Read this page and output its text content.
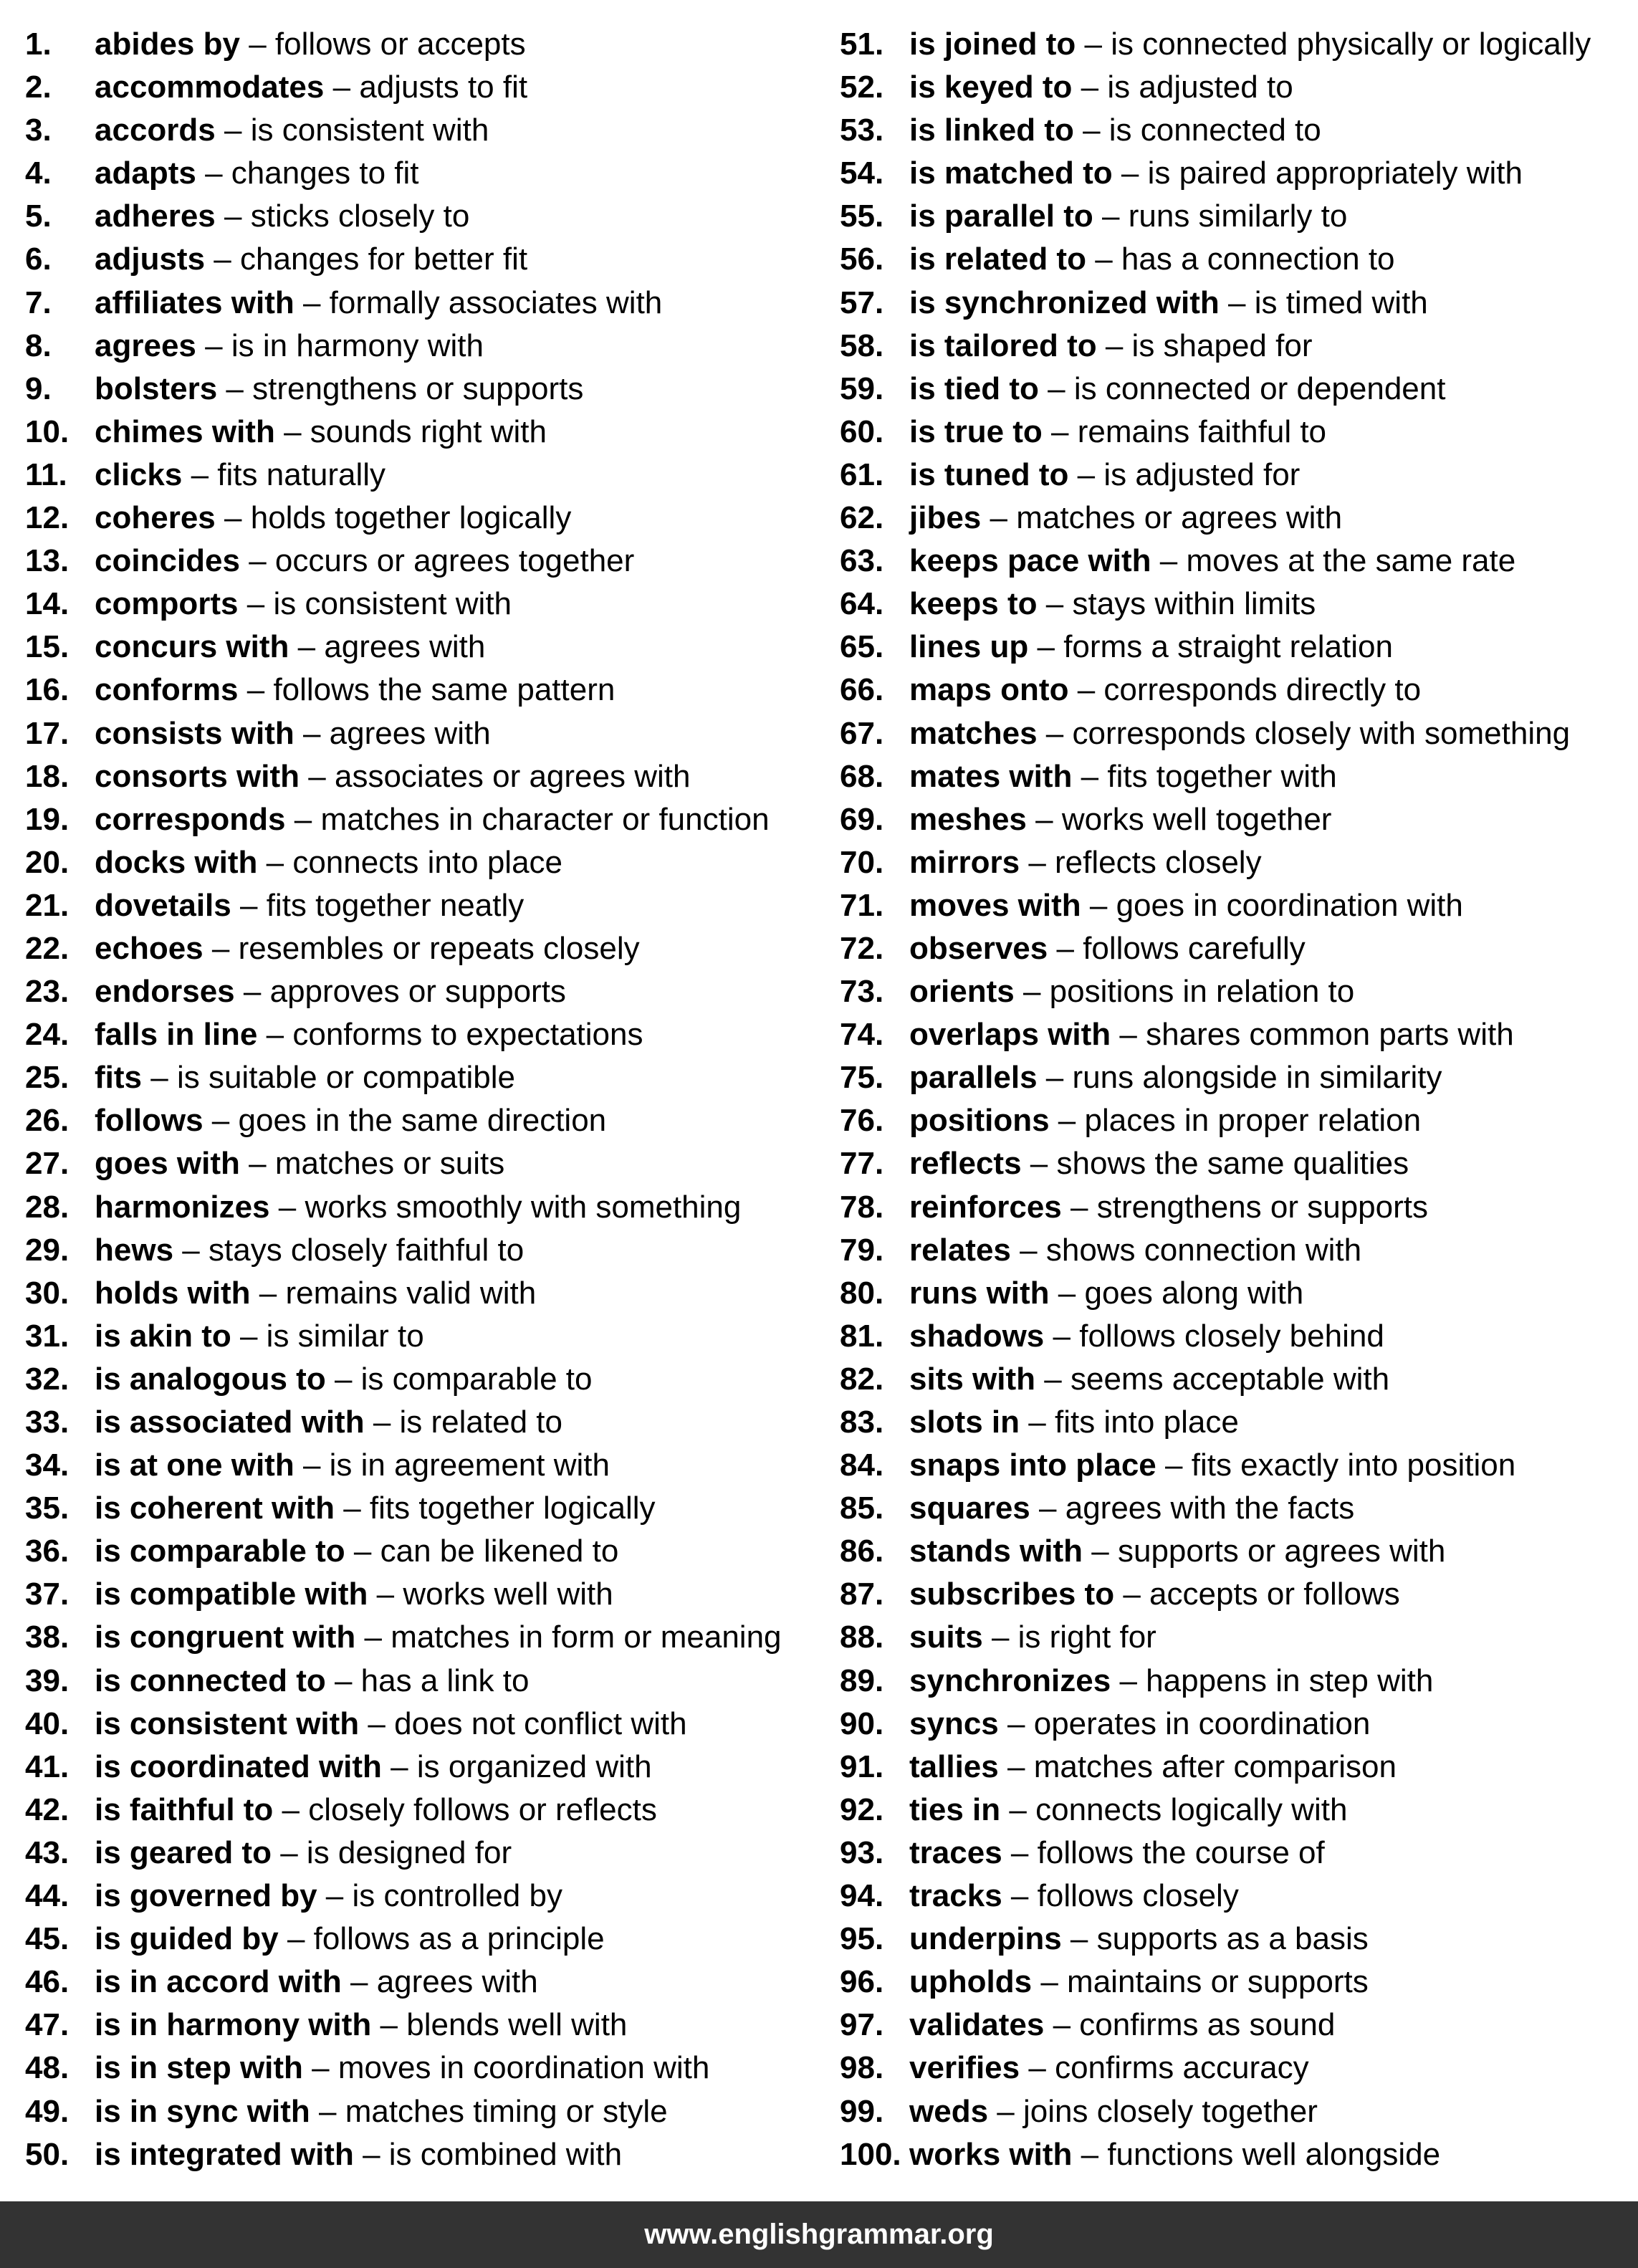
1.	abides by – follows or accepts
2.	accommodates – adjusts to fit
3.	accords – is consistent with
4.	adapts – changes to fit
5.	adheres – sticks closely to
6.	adjusts – changes for better fit
7.	affiliates with – formally associates with
8.	agrees – is in harmony with
9.	bolsters – strengthens or supports
10. chimes with – sounds right with
11. clicks – fits naturally
12. coheres – holds together logically
13. coincides – occurs or agrees together
14. comports – is consistent with
15. concurs with – agrees with
16. conforms – follows the same pattern
17. consists with – agrees with
18. consorts with – associates or agrees with
19. corresponds – matches in character or function
20. docks with – connects into place
21. dovetails – fits together neatly
22. echoes – resembles or repeats closely
23. endorses – approves or supports
24. falls in line – conforms to expectations
25. fits – is suitable or compatible
26. follows – goes in the same direction
27. goes with – matches or suits
28. harmonizes – works smoothly with something
29. hews – stays closely faithful to
30. holds with – remains valid with
31. is akin to – is similar to
32. is analogous to – is comparable to
33. is associated with – is related to
34. is at one with – is in agreement with
35. is coherent with – fits together logically
36. is comparable to – can be likened to
37. is compatible with – works well with
38. is congruent with – matches in form or meaning
39. is connected to – has a link to
40. is consistent with – does not conflict with
41. is coordinated with – is organized with
42. is faithful to – closely follows or reflects
43. is geared to – is designed for
44. is governed by – is controlled by
45. is guided by – follows as a principle
46. is in accord with – agrees with
47. is in harmony with – blends well with
48. is in step with – moves in coordination with
49. is in sync with – matches timing or style
50. is integrated with – is combined with
51. is joined to – is connected physically or logically
52. is keyed to – is adjusted to
53. is linked to – is connected to
54. is matched to – is paired appropriately with
55. is parallel to – runs similarly to
56. is related to – has a connection to
57. is synchronized with – is timed with
58. is tailored to – is shaped for
59. is tied to – is connected or dependent
60. is true to – remains faithful to
61. is tuned to – is adjusted for
62. jibes – matches or agrees with
63. keeps pace with – moves at the same rate
64. keeps to – stays within limits
65. lines up – forms a straight relation
66. maps onto – corresponds directly to
67. matches – corresponds closely with something
68. mates with – fits together with
69. meshes – works well together
70. mirrors – reflects closely
71. moves with – goes in coordination with
72. observes – follows carefully
73. orients – positions in relation to
74. overlaps with – shares common parts with
75. parallels – runs alongside in similarity
76. positions – places in proper relation
77. reflects – shows the same qualities
78. reinforces – strengthens or supports
79. relates – shows connection with
80. runs with – goes along with
81. shadows – follows closely behind
82. sits with – seems acceptable with
83. slots in – fits into place
84. snaps into place – fits exactly into position
85. squares – agrees with the facts
86. stands with – supports or agrees with
87. subscribes to – accepts or follows
88. suits – is right for
89. synchronizes – happens in step with
90. syncs – operates in coordination
91. tallies – matches after comparison
92. ties in – connects logically with
93. traces – follows the course of
94. tracks – follows closely
95. underpins – supports as a basis
96. upholds – maintains or supports
97. validates – confirms as sound
98. verifies – confirms accuracy
99. weds – joins closely together
100. works with – functions well alongside
www.englishgrammar.org
